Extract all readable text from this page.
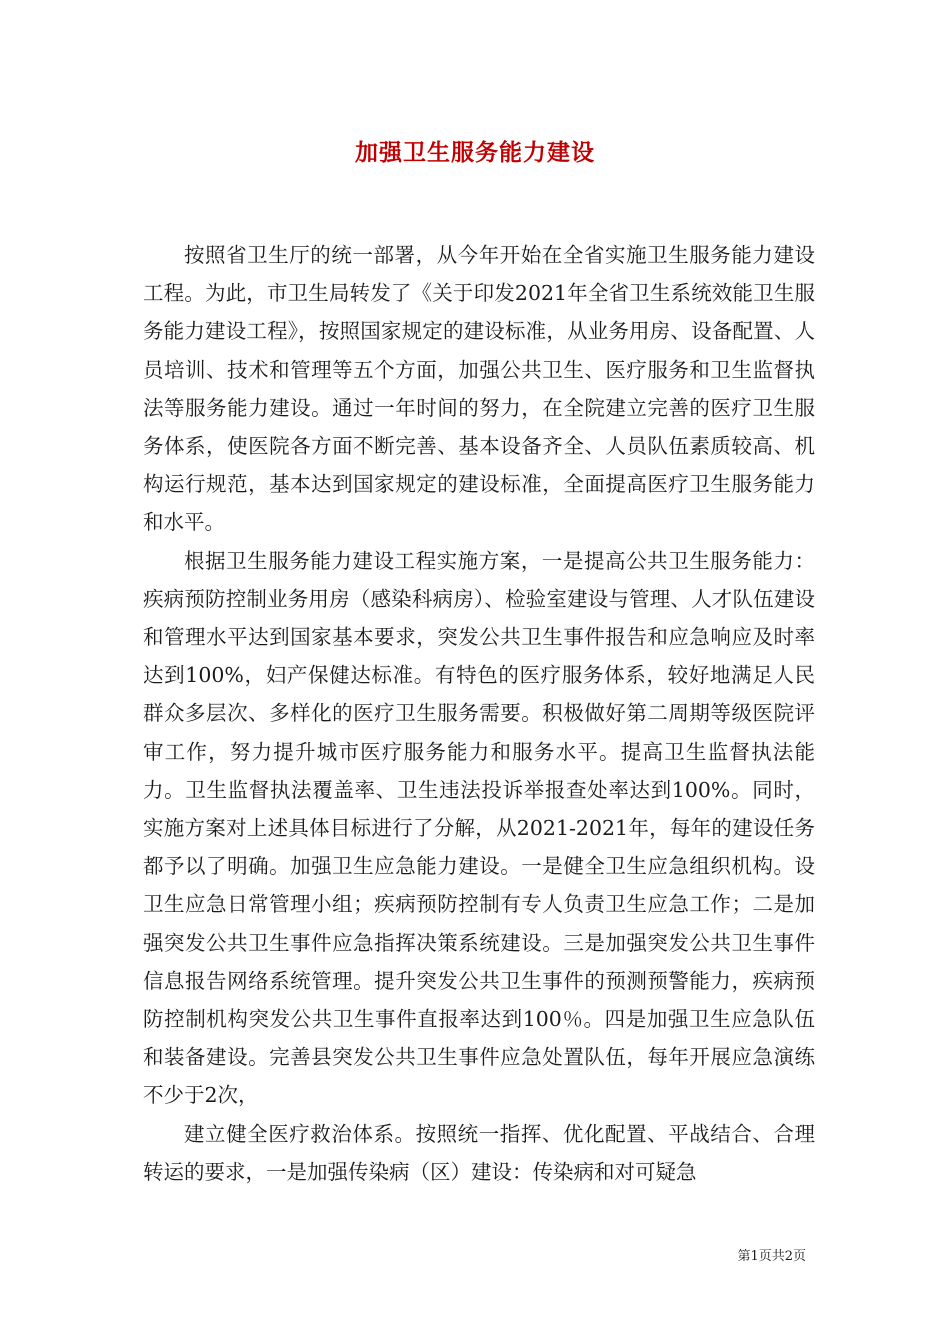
加强卫生服务能力建设

按照省卫生厅的统一部署，从今年开始在全省实施卫生服务能力建设工程。为此，市卫生局转发了《关于印发2021年全省卫生系统效能卫生服务能力建设工程》，按照国家规定的建设标准，从业务用房、设备配置、人员培训、技术和管理等五个方面，加强公共卫生、医疗服务和卫生监督执法等服务能力建设。通过一年时间的努力，在全院建立完善的医疗卫生服务体系，使医院各方面不断完善、基本设备齐全、人员队伍素质较高、机构运行规范，基本达到国家规定的建设标准，全面提高医疗卫生服务能力和水平。

根据卫生服务能力建设工程实施方案，一是提高公共卫生服务能力：疾病预防控制业务用房（感染科病房）、检验室建设与管理、人才队伍建设和管理水平达到国家基本要求，突发公共卫生事件报告和应急响应及时率达到100%，妇产保健达标准。有特色的医疗服务体系，较好地满足人民群众多层次、多样化的医疗卫生服务需要。积极做好第二周期等级医院评审工作，努力提升城市医疗服务能力和服务水平。提高卫生监督执法能力。卫生监督执法覆盖率、卫生违法投诉举报查处率达到100%。同时，实施方案对上述具体目标进行了分解，从2021-2021年，每年的建设任务都予以了明确。加强卫生应急能力建设。一是健全卫生应急组织机构。设卫生应急日常管理小组；疾病预防控制有专人负责卫生应急工作；二是加强突发公共卫生事件应急指挥决策系统建设。三是加强突发公共卫生事件信息报告网络系统管理。提升突发公共卫生事件的预测预警能力，疾病预防控制机构突发公共卫生事件直报率达到100％。四是加强卫生应急队伍和装备建设。完善县突发公共卫生事件应急处置队伍，每年开展应急演练不少于2次，

建立健全医疗救治体系。按照统一指挥、优化配置、平战结合、合理转运的要求，一是加强传染病（区）建设：传染病和对可疑急

第1页共2页
